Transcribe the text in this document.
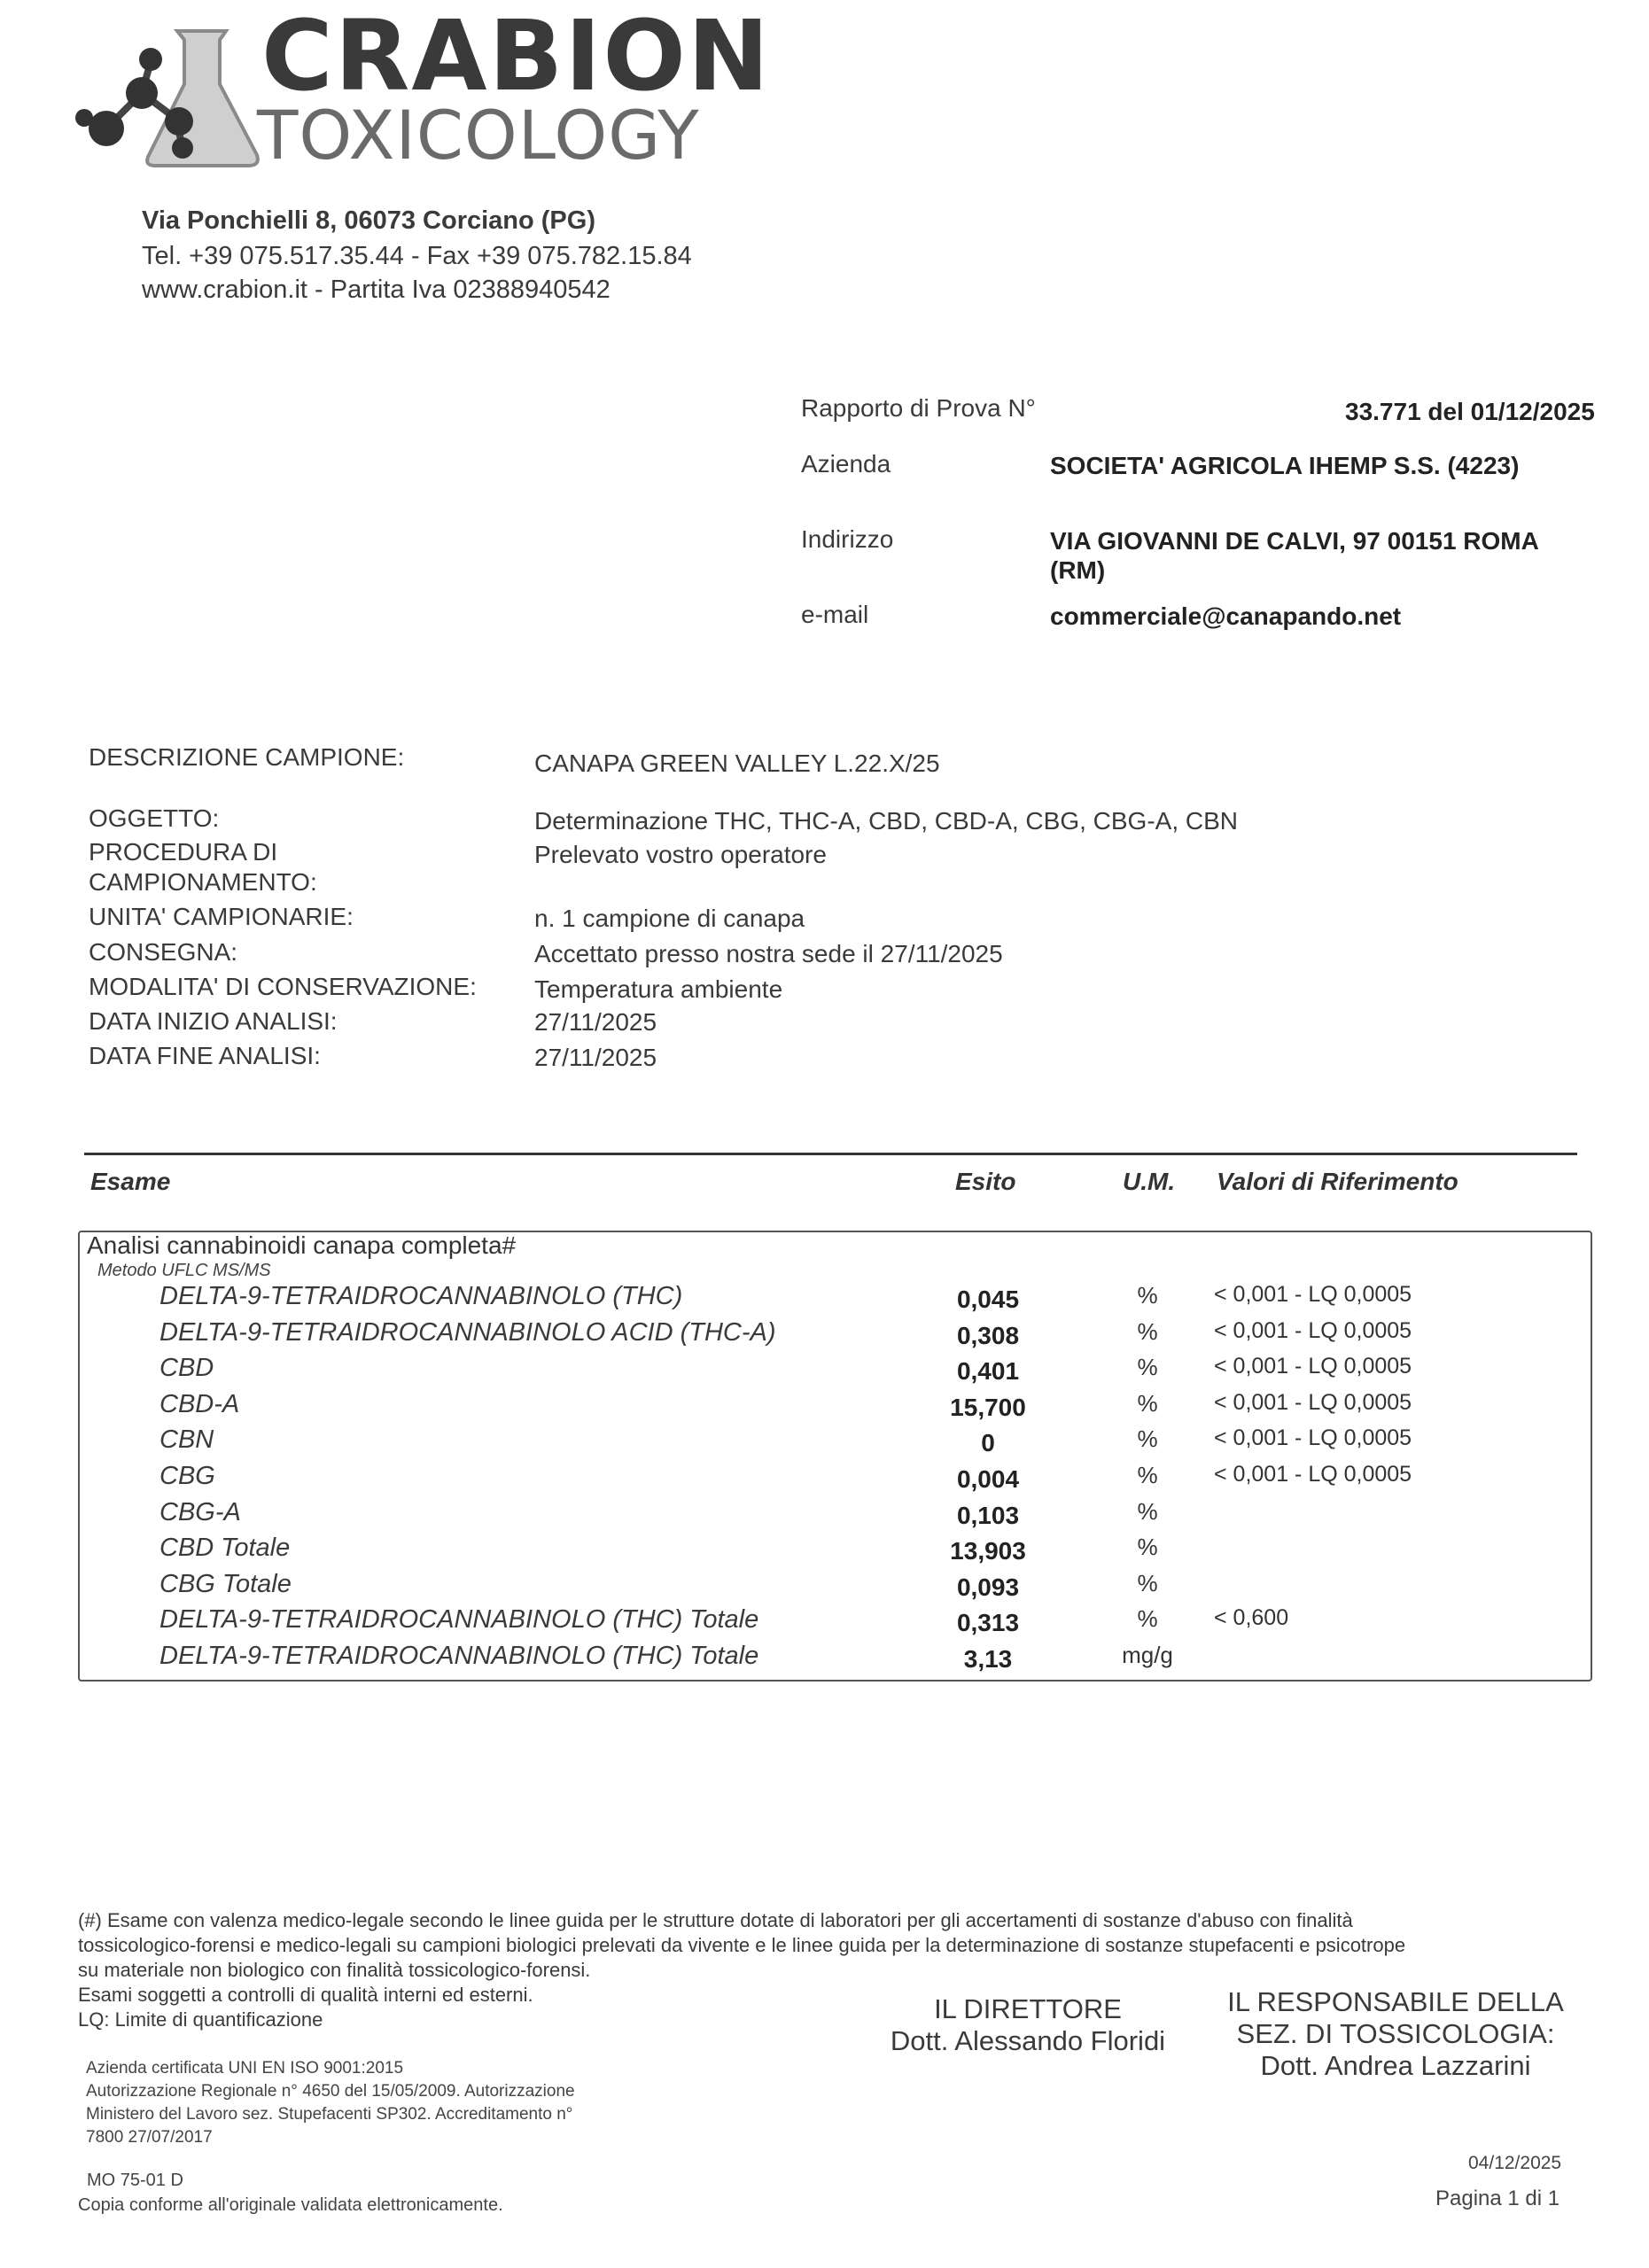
CRABION
TOXICOLOGY
Via Ponchielli 8, 06073 Corciano (PG)
Tel. +39 075.517.35.44 - Fax +39 075.782.15.84
www.crabion.it - Partita Iva 02388940542
Rapporto di Prova N°	33.771 del 01/12/2025
Azienda	SOCIETA' AGRICOLA IHEMP S.S. (4223)
Indirizzo	VIA GIOVANNI DE CALVI, 97 00151 ROMA
(RM)
e-mail	commerciale@canapando.net
DESCRIZIONE CAMPIONE:	CANAPA GREEN VALLEY L.22.X/25
OGGETTO:	Determinazione THC, THC-A, CBD, CBD-A, CBG, CBG-A, CBN
PROCEDURA DI
CAMPIONAMENTO:
Prelevato vostro operatore
UNITA' CAMPIONARIE:	n. 1 campione di canapa
CONSEGNA:	Accettato presso nostra sede il 27/11/2025
MODALITA' DI CONSERVAZIONE: Temperatura ambiente
DATA INIZIO ANALISI:	27/11/2025
DATA FINE ANALISI:	27/11/2025
Esame	Esito	U.M. Valori di Riferimento
Analisi cannabinoidi canapa completa#
Metodo UFLC MS/MS
DELTA-9-TETRAIDROCANNABINOLO (THC)	0,045	%	< 0,001 - LQ 0,0005
DELTA-9-TETRAIDROCANNABINOLO ACID (THC-A)	0,308	%	< 0,001 - LQ 0,0005
CBD	0,401	%	< 0,001 - LQ 0,0005
CBD-A	15,700	%	< 0,001 - LQ 0,0005
CBN	0	%	< 0,001 - LQ 0,0005
CBG	0,004	%	< 0,001 - LQ 0,0005
CBG-A	0,103	%
CBD Totale	13,903	%
CBG Totale	0,093	%
DELTA-9-TETRAIDROCANNABINOLO (THC) Totale	0,313	%	< 0,600
DELTA-9-TETRAIDROCANNABINOLO (THC) Totale	3,13	mg/g
(#) Esame con valenza medico-legale secondo le linee guida per le strutture dotate di laboratori per gli accertamenti di sostanze d'abuso con finalità
tossicologico-forensi e medico-legali su campioni biologici prelevati da vivente e le linee guida per la determinazione di sostanze stupefacenti e psicotrope
su materiale non biologico con finalità tossicologico-forensi.
Esami soggetti a controlli di qualità interni ed esterni.
LQ: Limite di quantificazione
Azienda certificata UNI EN ISO 9001:2015
Autorizzazione Regionale n° 4650 del 15/05/2009. Autorizzazione
Ministero del Lavoro sez. Stupefacenti SP302. Accreditamento n°
7800 27/07/2017
IL DIRETTORE
Dott. Alessando Floridi
IL RESPONSABILE DELLA
SEZ. DI TOSSICOLOGIA:
Dott. Andrea Lazzarini
MO 75-01 D
Copia conforme all'originale validata elettronicamente.
04/12/2025
Pagina 1 di 1
